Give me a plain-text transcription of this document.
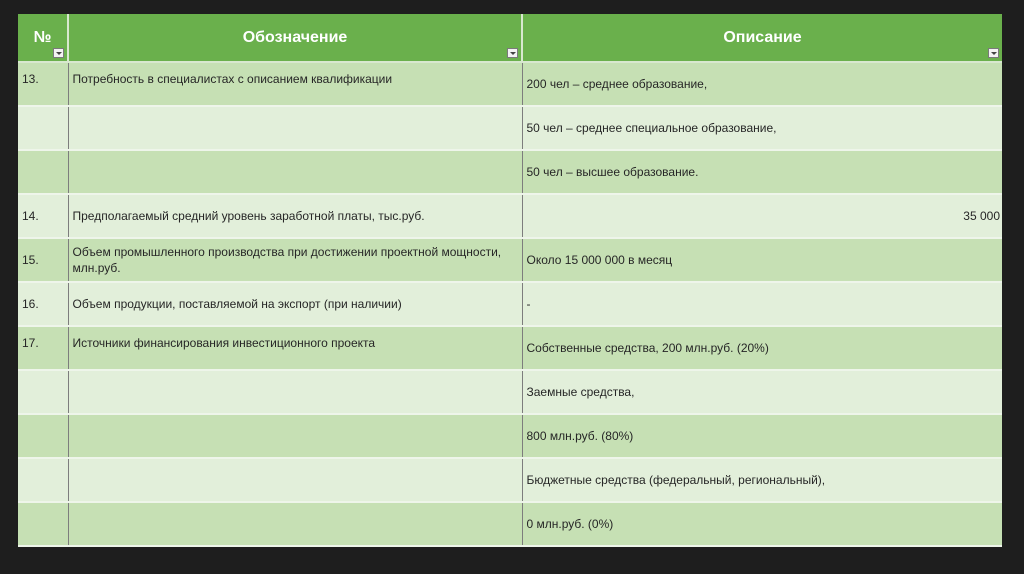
№	Обозначение	Описание

13.	Потребность в специалистах с описанием квалификации	200 чел – среднее образование,
		50 чел – среднее специальное образование,
		50 чел – высшее образование.
14.	Предполагаемый средний уровень заработной платы, тыс.руб.	35 000
15.	Объем промышленного производства при достижении проектной мощности, млн.руб.	Около 15 000 000 в месяц
16.	Объем продукции, поставляемой на экспорт (при наличии)	-
17.	Источники финансирования инвестиционного проекта	Собственные средства, 200 млн.руб. (20%)
		Заемные средства,
		800 млн.руб. (80%)
		Бюджетные средства (федеральный, региональный),
		0 млн.руб. (0%)
